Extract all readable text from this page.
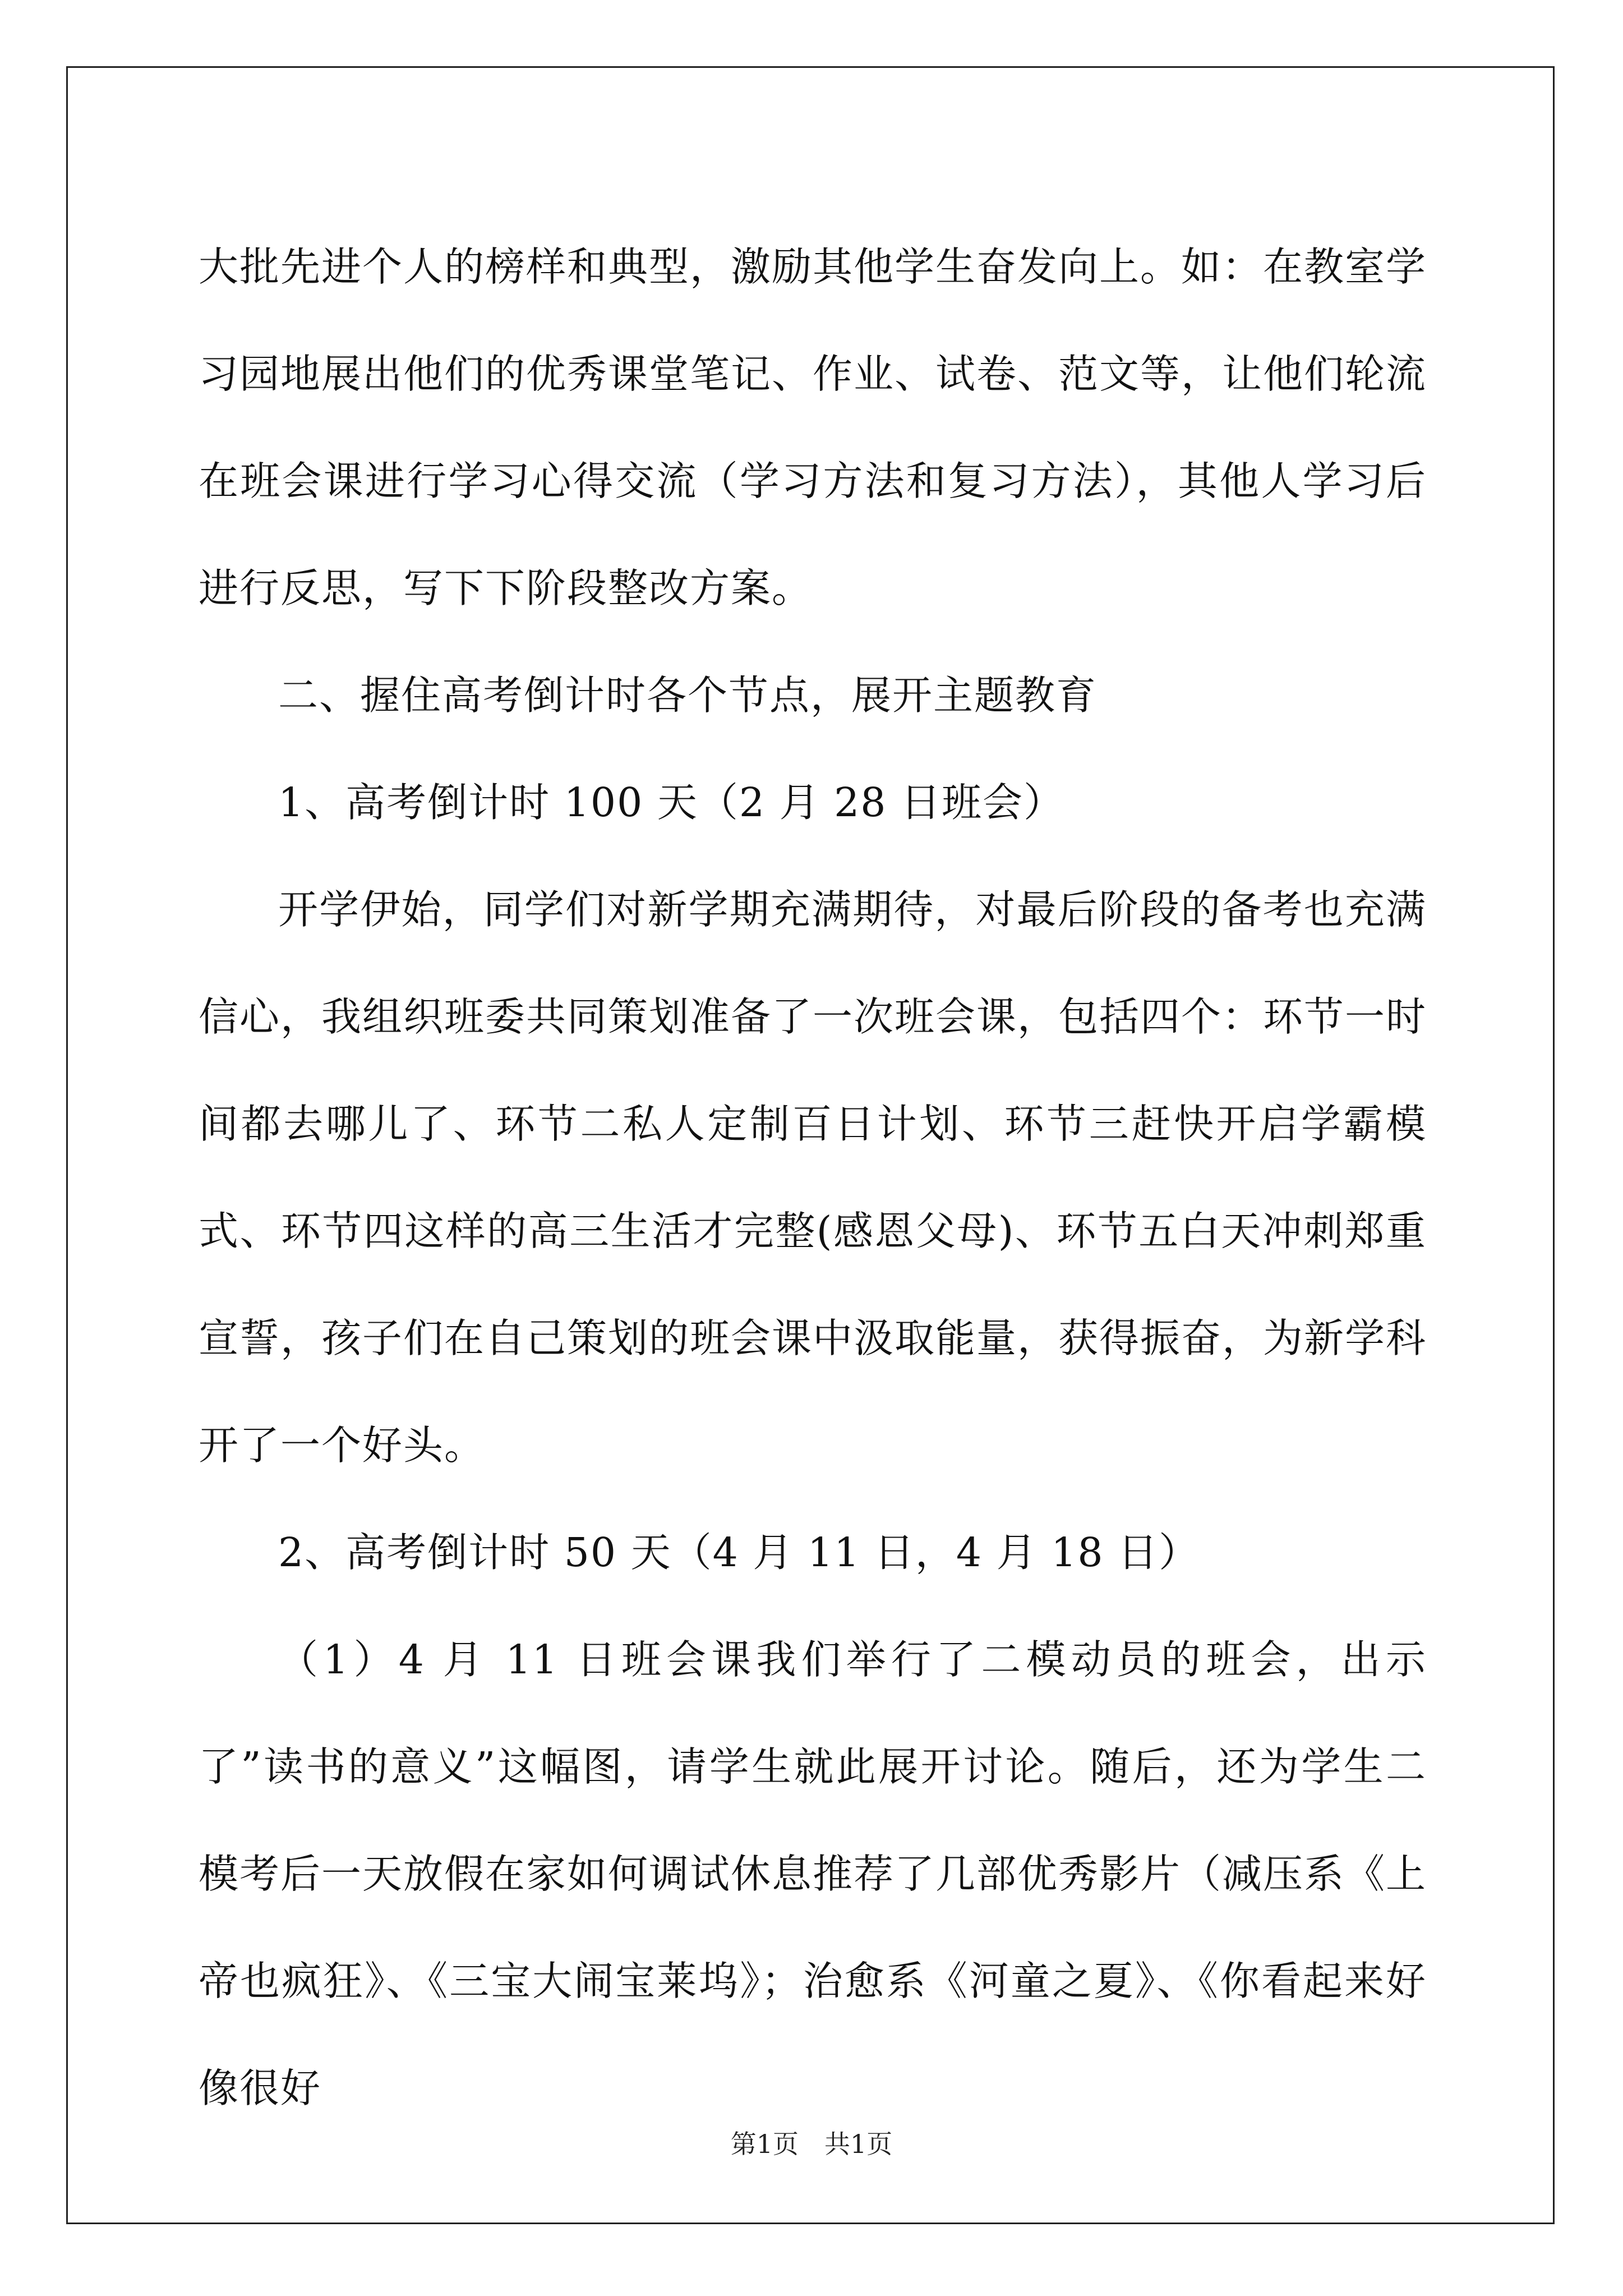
大批先进个人的榜样和典型，激励其他学生奋发向上。如：在教室学习园地展出他们的优秀课堂笔记、作业、试卷、范文等，让他们轮流在班会课进行学习心得交流（学习方法和复习方法），其他人学习后进行反思，写下下阶段整改方案。

二、握住高考倒计时各个节点，展开主题教育

1、高考倒计时 100 天（2 月 28 日班会）

开学伊始，同学们对新学期充满期待，对最后阶段的备考也充满信心，我组织班委共同策划准备了一次班会课，包括四个：环节一时间都去哪儿了、环节二私人定制百日计划、环节三赶快开启学霸模式、环节四这样的高三生活才完整(感恩父母)、环节五白天冲刺郑重宣誓，孩子们在自己策划的班会课中汲取能量，获得振奋，为新学科开了一个好头。

2、高考倒计时 50 天（4 月 11 日，4 月 18 日）

（1）4 月 11 日班会课我们举行了二模动员的班会，出示了”读书的意义”这幅图，请学生就此展开讨论。随后，还为学生二模考后一天放假在家如何调试休息推荐了几部优秀影片（减压系《上帝也疯狂》、《三宝大闹宝莱坞》；治愈系《河童之夏》、《你看起来好像很好

第1页　共1页
